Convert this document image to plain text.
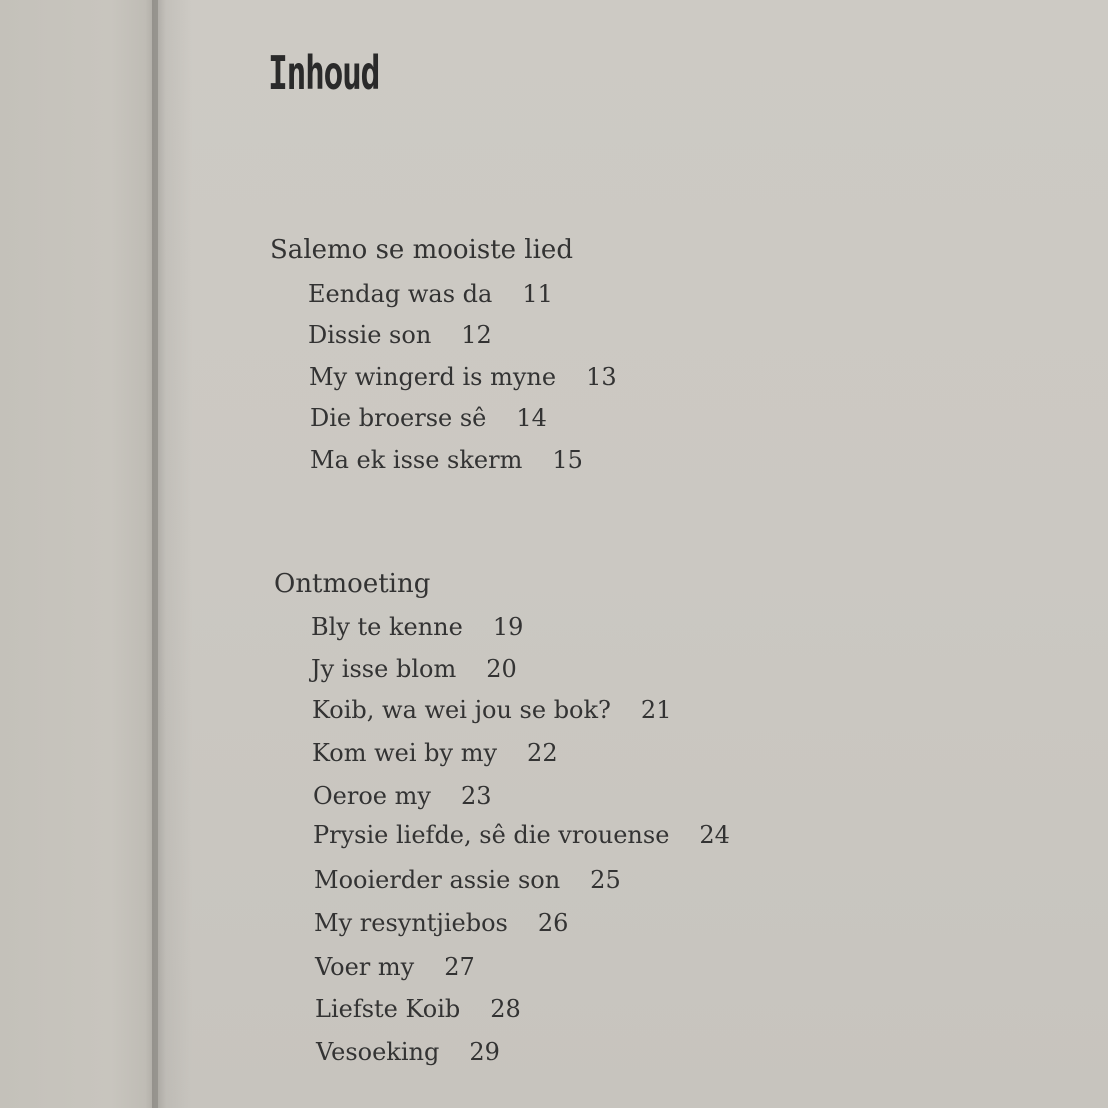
Inhoud
Salemo se mooiste lied
Eendag was da 11
Dissie son 12
My wingerd is myne 13
Die broerse sê 14
Ma ek isse skerm 15
Ontmoeting
Bly te kenne 19
Jy isse blom 20
Koib, wa wei jou se bok? 21
Kom wei by my 22
Oeroe my 23
Prysie liefde, sê die vrouense 24
Mooierder assie son 25
My resyntjiebos 26
Voer my 27
Liefste Koib 28
Vesoeking 29
